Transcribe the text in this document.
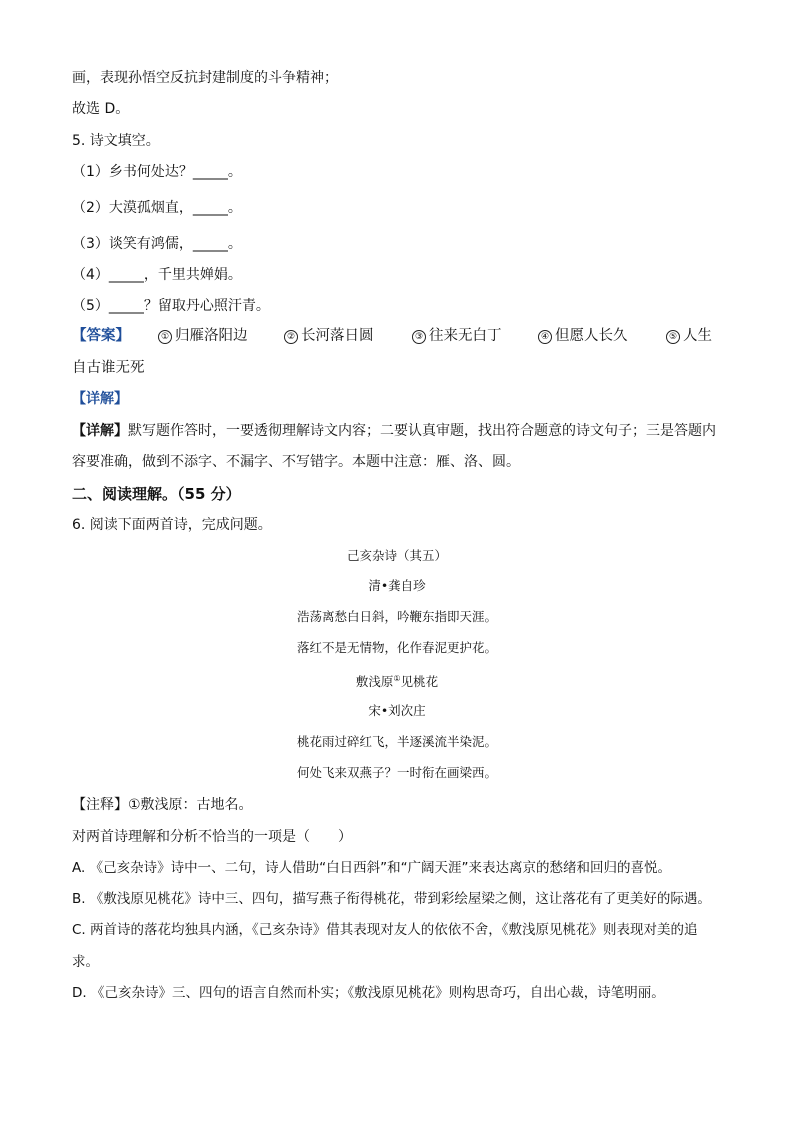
画，表现孙悟空反抗封建制度的斗争精神；
故选 D。
5. 诗文填空。
（1）乡书何处达？_____。
（2）大漠孤烟直，_____。
（3）谈笑有鸿儒，_____。
（4）_____，千里共婵娟。
（5）_____？留取丹心照汗青。
【答案】	① 归雁洛阳边	② 长河落日圆	③ 往来无白丁	④ 但愿人长久	⑤ 人生
自古谁无死
【详解】
【详解】默写题作答时，一要透彻理解诗文内容；二要认真审题，找出符合题意的诗文句子；三是答题内
容要准确，做到不添字、不漏字、不写错字。本题中注意：雁、洛、圆。
二、阅读理解。（55 分）
6. 阅读下面两首诗，完成问题。
己亥杂诗（其五）
清•龚自珍
浩荡离愁白日斜，吟鞭东指即天涯。
落红不是无情物，化作春泥更护花。
敷浅原①见桃花
宋•刘次庄
桃花雨过碎红飞，半逐溪流半染泥。
何处飞来双燕子？一时衔在画梁西。
【注释】①敷浅原：古地名。
对两首诗理解和分析不恰当的一项是（　　）
A. 《己亥杂诗》诗中一、二句，诗人借助“白日西斜”和“广阔天涯”来表达离京的愁绪和回归的喜悦。
B. 《敷浅原见桃花》诗中三、四句，描写燕子衔得桃花，带到彩绘屋梁之侧，这让落花有了更美好的际遇。
C. 两首诗的落花均独具内涵，《己亥杂诗》借其表现对友人的依依不舍，《敷浅原见桃花》则表现对美的追
求。
D. 《己亥杂诗》三、四句的语言自然而朴实；《敷浅原见桃花》则构思奇巧，自出心裁，诗笔明丽。
